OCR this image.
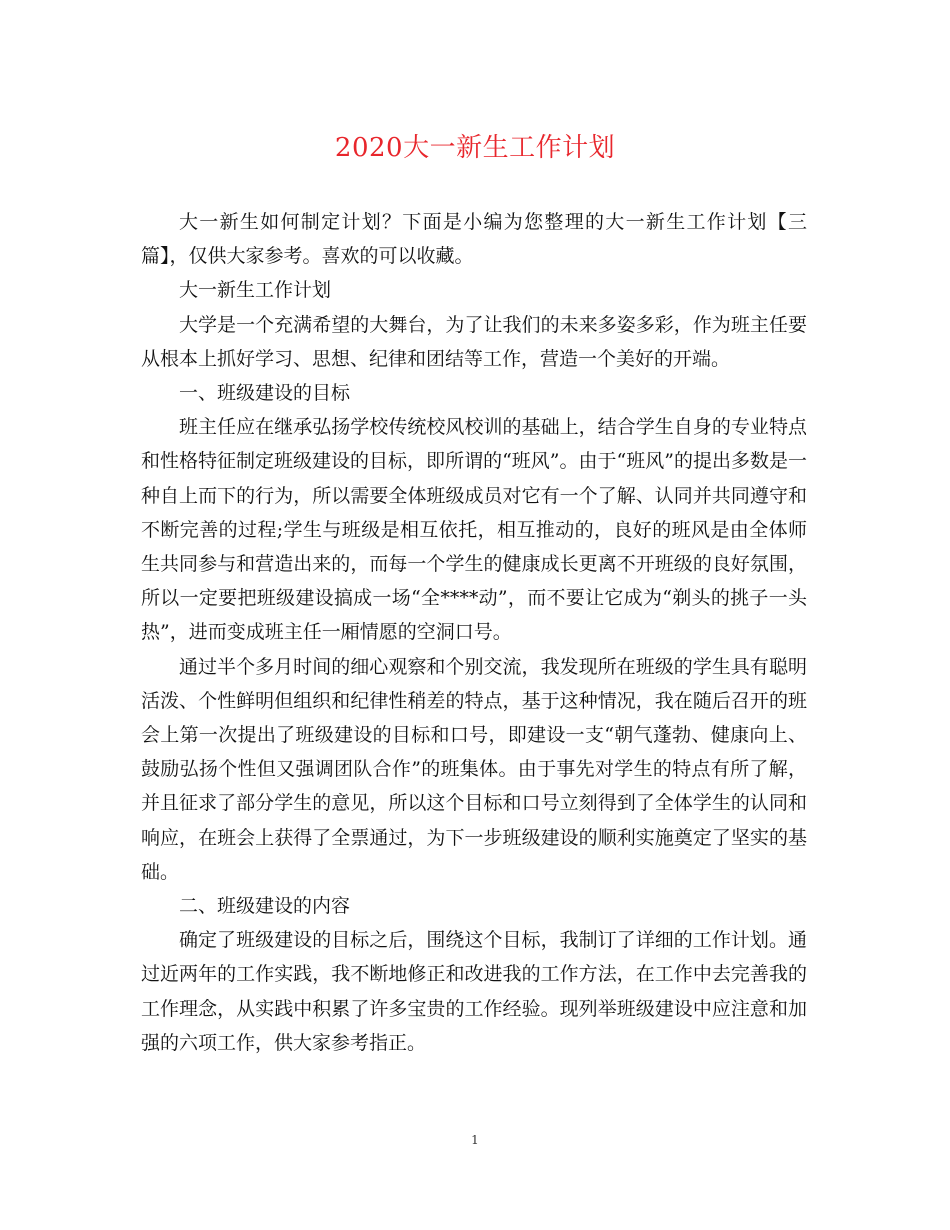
2020大一新生工作计划

大一新生如何制定计划？下面是小编为您整理的大一新生工作计划【三篇】，仅供大家参考。喜欢的可以收藏。

大一新生工作计划

大学是一个充满希望的大舞台，为了让我们的未来多姿多彩，作为班主任要从根本上抓好学习、思想、纪律和团结等工作，营造一个美好的开端。

一、班级建设的目标

班主任应在继承弘扬学校传统校风校训的基础上，结合学生自身的专业特点和性格特征制定班级建设的目标，即所谓的“班风”。由于“班风”的提出多数是一种自上而下的行为，所以需要全体班级成员对它有一个了解、认同并共同遵守和不断完善的过程;学生与班级是相互依托，相互推动的，良好的班风是由全体师生共同参与和营造出来的，而每一个学生的健康成长更离不开班级的良好氛围，所以一定要把班级建设搞成一场“全****动”，而不要让它成为“剃头的挑子一头热”，进而变成班主任一厢情愿的空洞口号。

通过半个多月时间的细心观察和个别交流，我发现所在班级的学生具有聪明活泼、个性鲜明但组织和纪律性稍差的特点，基于这种情况，我在随后召开的班会上第一次提出了班级建设的目标和口号，即建设一支“朝气蓬勃、健康向上、鼓励弘扬个性但又强调团队合作”的班集体。由于事先对学生的特点有所了解，并且征求了部分学生的意见，所以这个目标和口号立刻得到了全体学生的认同和响应，在班会上获得了全票通过，为下一步班级建设的顺利实施奠定了坚实的基础。

二、班级建设的内容

确定了班级建设的目标之后，围绕这个目标，我制订了详细的工作计划。通过近两年的工作实践，我不断地修正和改进我的工作方法，在工作中去完善我的工作理念，从实践中积累了许多宝贵的工作经验。现列举班级建设中应注意和加强的六项工作，供大家参考指正。

1
